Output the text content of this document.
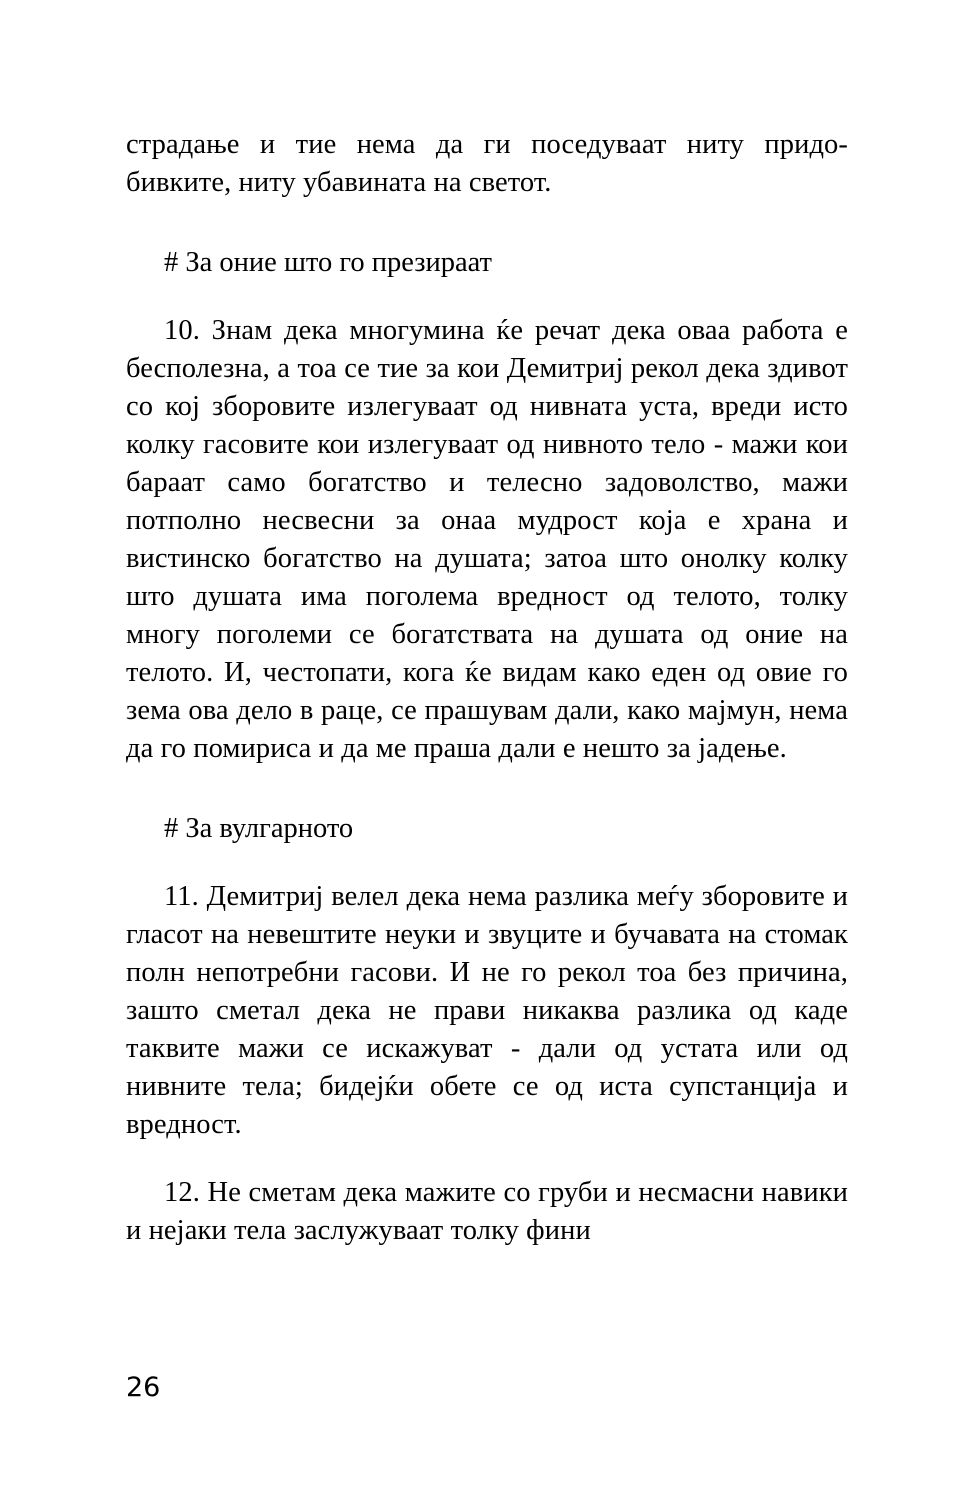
страдање и тие нема да ги поседуваат ниту придо-бивките, ниту убавината на светот.

# За оние што го презираат

10. Знам дека многумина ќе речат дека оваа работа е бесполезна, а тоа се тие за кои Демитриј рекол дека здивот со кој зборовите излегуваат од нивната уста, вреди исто колку гасовите кои излегуваат од нивното тело - мажи кои бараат само богатство и телесно задоволство, мажи потполно несвесни за онаа мудрост која е храна и вистинско богатство на душата; затоа што онолку колку што душата има поголема вредност од телото, толку многу поголеми се богатствата на душата од оние на телото. И, честопати, кога ќе видам како еден од овие го зема ова дело в раце, се прашувам дали, како мајмун, нема да го помириса и да ме праша дали е нешто за јадење.

# За вулгарното

11. Демитриј велел дека нема разлика меѓу зборовите и гласот на невештите неуки и звуците и бучавата на стомак полн непотребни гасови. И не го рекол тоа без причина, зашто сметал дека не прави никаква разлика од каде таквите мажи се искажуват - дали од устата или од нивните тела; бидејќи обете се од иста супстанција и вредност.

12. Не сметам дека мажите со груби и несмасни навики и нејаки тела заслужуваат толку фини

26
